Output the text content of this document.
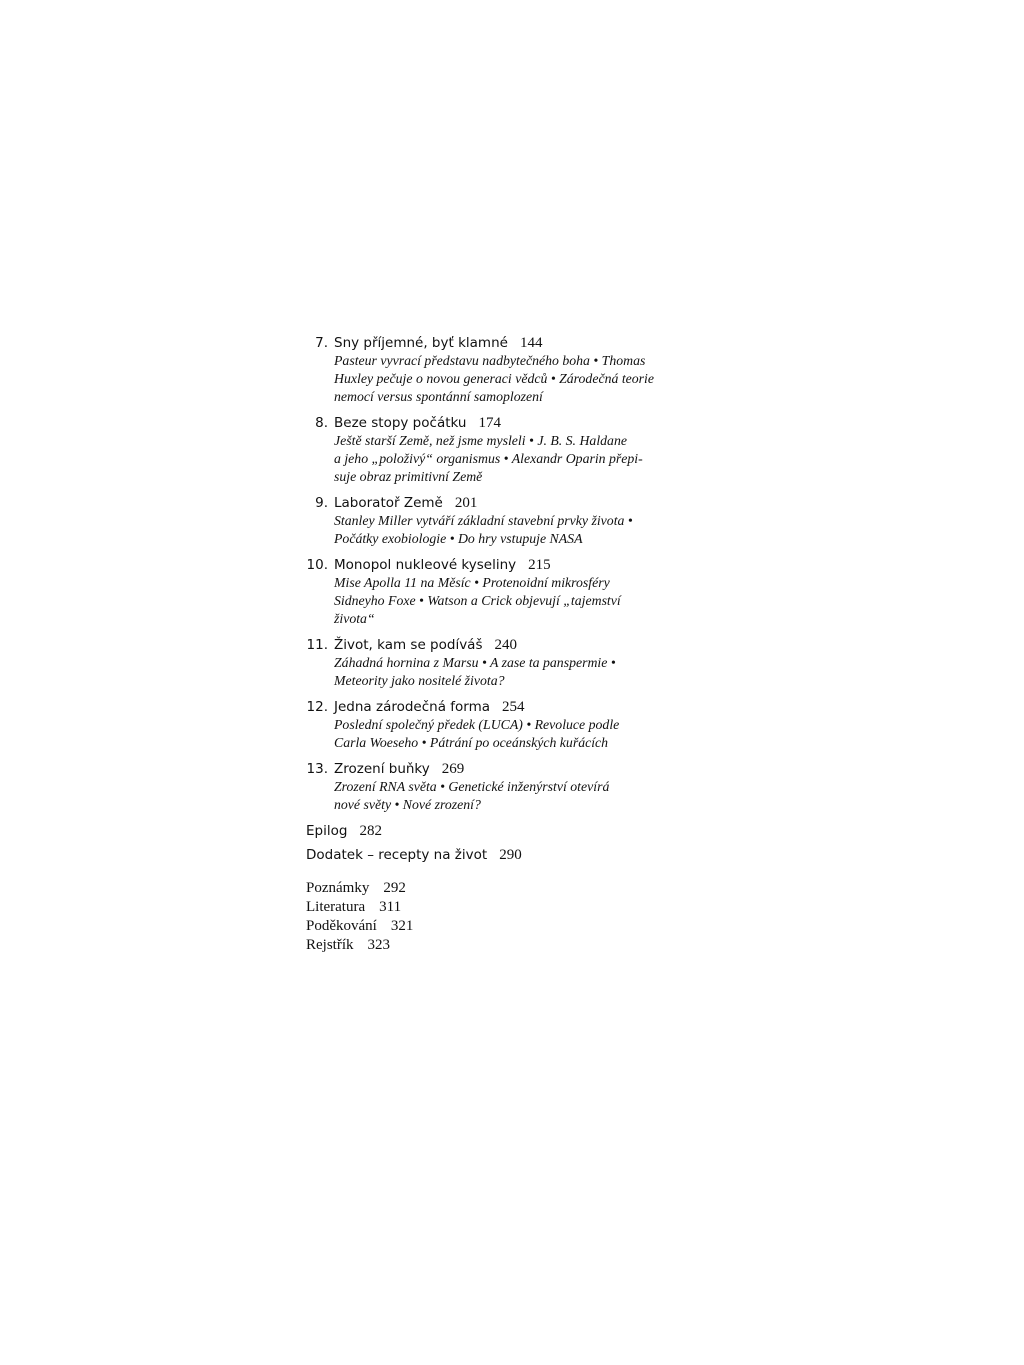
7. Sny příjemné, byť klamné 144
Pasteur vyvrací představu nadbytečného boha • Thomas
Huxley pečuje o novou generaci vědců • Zárodečná teorie
nemocí versus spontánní samoplození
8. Beze stopy počátku 174
Ještě starší Země, než jsme mysleli • J. B. S. Haldane
a jeho „položivý“ organismus • Alexandr Oparin přepi-
suje obraz primitivní Země
9. Laboratoř Země 201
Stanley Miller vytváří základní stavební prvky života •
Počátky exobiologie • Do hry vstupuje NASA
10. Monopol nukleové kyseliny 215
Mise Apolla 11 na Měsíc • Protenoidní mikrosféry
Sidneyho Foxe • Watson a Crick objevují „tajemství
života“
11. Život, kam se podíváš 240
Záhadná hornina z Marsu • A zase ta panspermie •
Meteority jako nositelé života?
12. Jedna zárodečná forma 254
Poslední společný předek (LUCA) • Revoluce podle
Carla Woeseho • Pátrání po oceánských kuřácích
13. Zrození buňky 269
Zrození RNA světa • Genetické inženýrství otevírá
nové světy • Nové zrození?
Epilog 282
Dodatek – recepty na život 290
Poznámky 292
Literatura 311
Poděkování 321
Rejstřík 323
